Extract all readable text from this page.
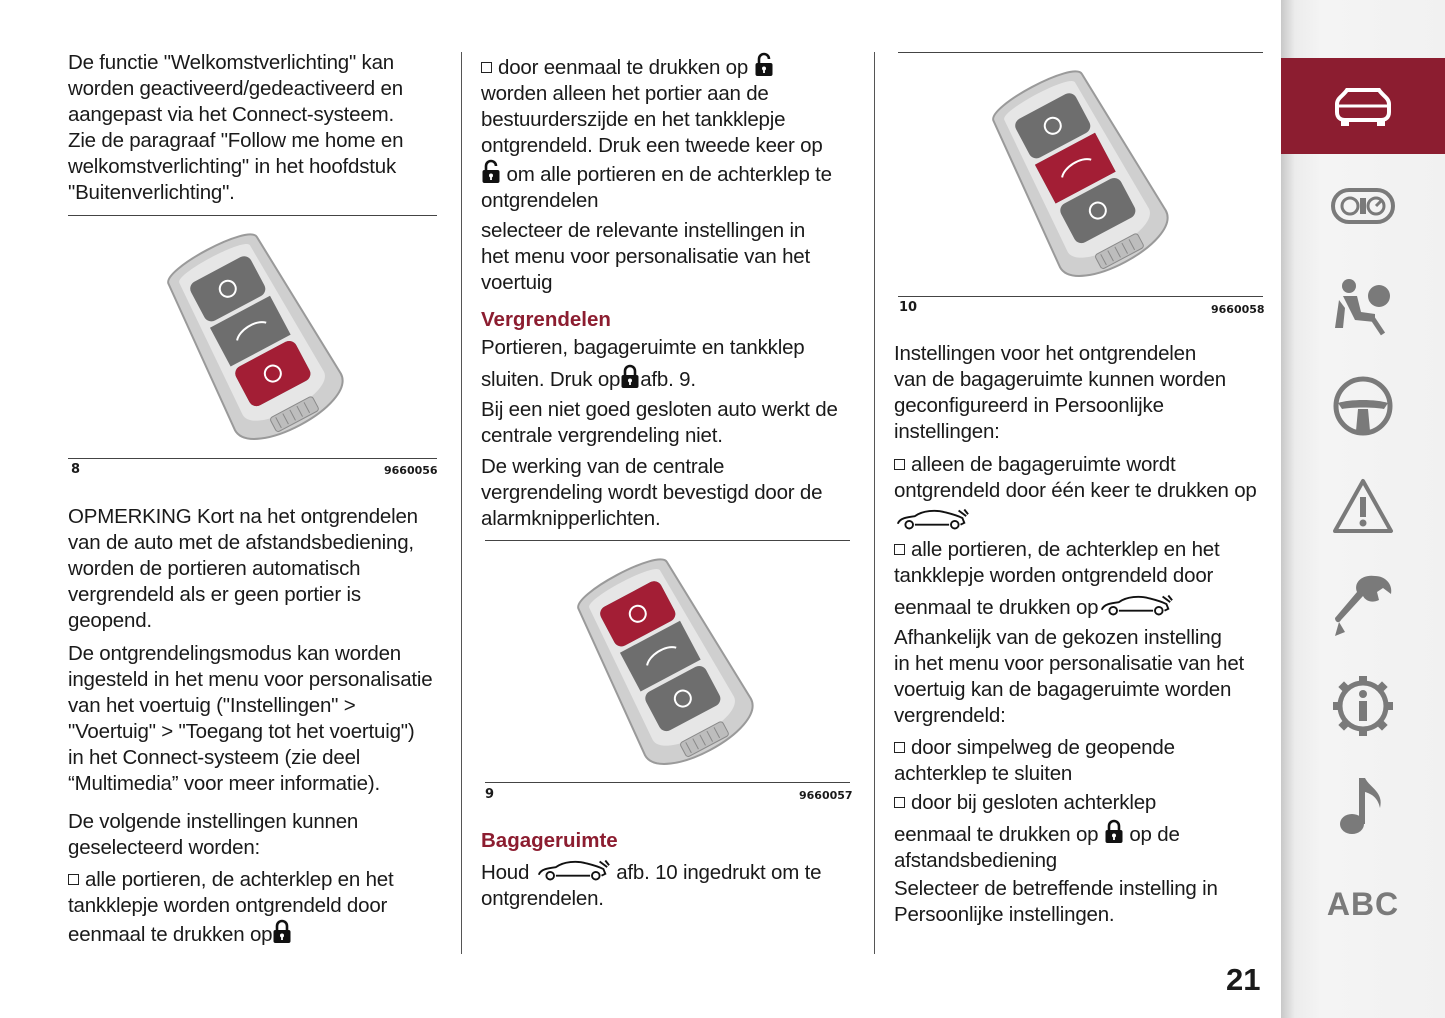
De functie "Welkomstverlichting" kan
worden geactiveerd/gedeactiveerd en
aangepast via het Connect-systeem.
Zie de paragraaf "Follow me home en
welkomstverlichting" in het hoofdstuk
"Buitenverlichting".
8	9660056
OPMERKING Kort na het ontgrendelen
van de auto met de afstandsbediening,
worden de portieren automatisch
vergrendeld als er geen portier is
geopend.
De ontgrendelingsmodus kan worden
ingesteld in het menu voor personalisatie
van het voertuig ("Instellingen" >
"Voertuig" > "Toegang tot het voertuig")
in het Connect-systeem (zie deel
“Multimedia” voor meer informatie).
De volgende instellingen kunnen
geselecteerd worden:
alle portieren, de achterklep en het
tankklepje worden ontgrendeld door
eenmaal te drukken op
door eenmaal te drukken op
worden alleen het portier aan de
bestuurderszijde en het tankklepje
ontgrendeld. Druk een tweede keer op
om alle portieren en de achterklep te
ontgrendelen
selecteer de relevante instellingen in
het menu voor personalisatie van het
voertuig
Vergrendelen
Portieren, bagageruimte en tankklep
sluiten. Druk op afb. 9.
Bij een niet goed gesloten auto werkt de
centrale vergrendeling niet.
De werking van de centrale
vergrendeling wordt bevestigd door de
alarmknipperlichten.
9	9660057
Bagageruimte
Houd	afb. 10 ingedrukt om te
ontgrendelen.
10	9660058
Instellingen voor het ontgrendelen
van de bagageruimte kunnen worden
geconfigureerd in Persoonlijke
instellingen:
alleen de bagageruimte wordt
ontgrendeld door één keer te drukken op
alle portieren, de achterklep en het
tankklepje worden ontgrendeld door
eenmaal te drukken op
Afhankelijk van de gekozen instelling
in het menu voor personalisatie van het
voertuig kan de bagageruimte worden
vergrendeld:
door simpelweg de geopende
achterklep te sluiten
door bij gesloten achterklep
eenmaal te drukken op op de
afstandsbediening
Selecteer de betreffende instelling in
Persoonlijke instellingen.
21
ABC
